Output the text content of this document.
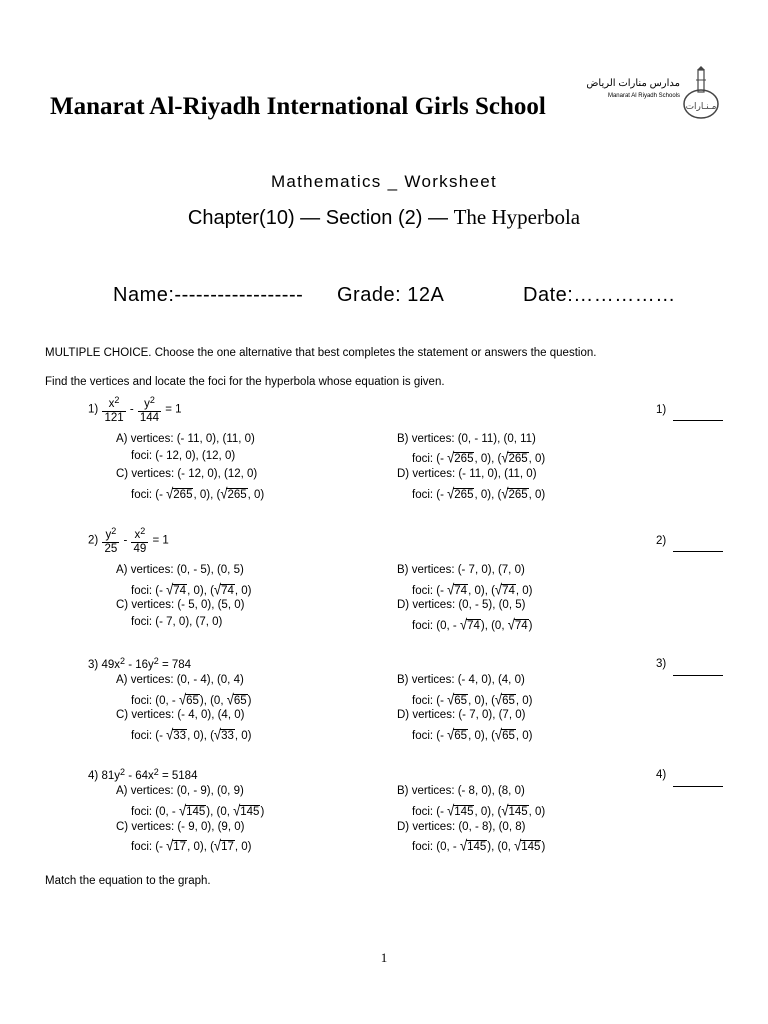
Manarat Al-Riyadh International Girls School
مدارس منارات الرياض
Manarat Al Riyadh Schools
مـنـارات
Mathematics _ Worksheet
Chapter(10) — Section (2) — The Hyperbola
Name:------------------ Grade: 12A	Date:……………
MULTIPLE CHOICE. Choose the one alternative that best completes the statement or answers the question.
Find the vertices and locate the foci for the hyperbola whose equation is given.
$1) \frac{x^2}{121} - \frac{y^2}{144} = 1$	1)
A) vertices: (- 11, 0), (11, 0)
foci: (- 12, 0), (12, 0)
C) vertices: (- 12, 0), (12, 0)
foci: (- √265, 0), (√265, 0)
B) vertices: (0, - 11), (0, 11)
foci: (- √265, 0), (√265, 0)
D) vertices: (- 11, 0), (11, 0)
foci: (- √265, 0), (√265, 0)
$2) \frac{y^2}{25} - \frac{x^2}{49} = 1$	2)
A) vertices: (0, - 5), (0, 5)
foci: (- √74, 0), (√74, 0)
C) vertices: (- 5, 0), (5, 0)
foci: (- 7, 0), (7, 0)
B) vertices: (- 7, 0), (7, 0)
foci: (- √74, 0), (√74, 0)
D) vertices: (0, - 5), (0, 5)
foci: (0, - √74), (0, √74)
3) $49x^2 - 16y^2 = 784$	3)
A) vertices: (0, - 4), (0, 4)
foci: (0, - √65), (0, √65)
C) vertices: (- 4, 0), (4, 0)
foci: (- √33, 0), (√33, 0)
B) vertices: (- 4, 0), (4, 0)
foci: (- √65, 0), (√65, 0)
D) vertices: (- 7, 0), (7, 0)
foci: (- √65, 0), (√65, 0)
4) $81y^2 - 64x^2 = 5184$	4)
A) vertices: (0, - 9), (0, 9)
foci: (0, - √145), (0, √145)
C) vertices: (- 9, 0), (9, 0)
foci: (- √17, 0), (√17, 0)
B) vertices: (- 8, 0), (8, 0)
foci: (- √145, 0), (√145, 0)
D) vertices: (0, - 8), (0, 8)
foci: (0, - √145), (0, √145)
Match the equation to the graph.
1
